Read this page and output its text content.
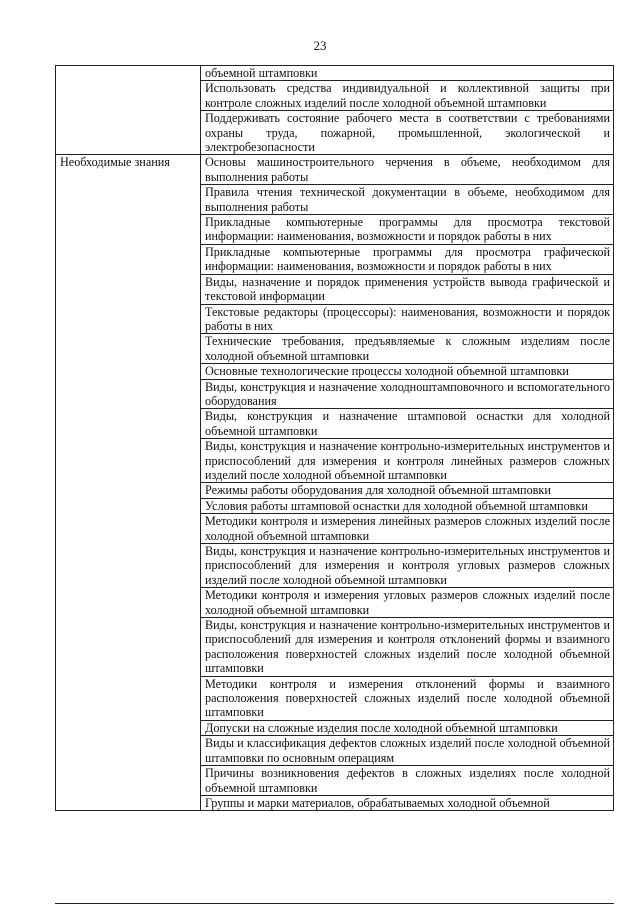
23
	объемной штамповки
	Использовать средства индивидуальной и коллективной защиты при контроле сложных изделий после холодной объемной штамповки
	Поддерживать состояние рабочего места в соответствии с требованиями охраны труда, пожарной, промышленной, экологической и электробезопасности
Необходимые знания	Основы машиностроительного черчения в объеме, необходимом для выполнения работы
	Правила чтения технической документации в объеме, необходимом для выполнения работы
	Прикладные компьютерные программы для просмотра текстовой информации: наименования, возможности и порядок работы в них
	Прикладные компьютерные программы для просмотра графической информации: наименования, возможности и порядок работы в них
	Виды, назначение и порядок применения устройств вывода графической и текстовой информации
	Текстовые редакторы (процессоры): наименования, возможности и порядок работы в них
	Технические требования, предъявляемые к сложным изделиям после холодной объемной штамповки
	Основные технологические процессы холодной объемной штамповки
	Виды, конструкция и назначение холодноштамповочного и вспомогательного оборудования
	Виды, конструкция и назначение штамповой оснастки для холодной объемной штамповки
	Виды, конструкция и назначение контрольно-измерительных инструментов и приспособлений для измерения и контроля линейных размеров сложных изделий после холодной объемной штамповки
	Режимы работы оборудования для холодной объемной штамповки
	Условия работы штамповой оснастки для холодной объемной штамповки
	Методики контроля и измерения линейных размеров сложных изделий после холодной объемной штамповки
	Виды, конструкция и назначение контрольно-измерительных инструментов и приспособлений для измерения и контроля угловых размеров сложных изделий после холодной объемной штамповки
	Методики контроля и измерения угловых размеров сложных изделий после холодной объемной штамповки
	Виды, конструкция и назначение контрольно-измерительных инструментов и приспособлений для измерения и контроля отклонений формы и взаимного расположения поверхностей сложных изделий после холодной объемной штамповки
	Методики контроля и измерения отклонений формы и взаимного расположения поверхностей сложных изделий после холодной объемной штамповки
	Допуски на сложные изделия после холодной объемной штамповки
	Виды и классификация дефектов сложных изделий после холодной объемной штамповки по основным операциям
	Причины возникновения дефектов в сложных изделиях после холодной объемной штамповки
	Группы и марки материалов, обрабатываемых холодной объемной
